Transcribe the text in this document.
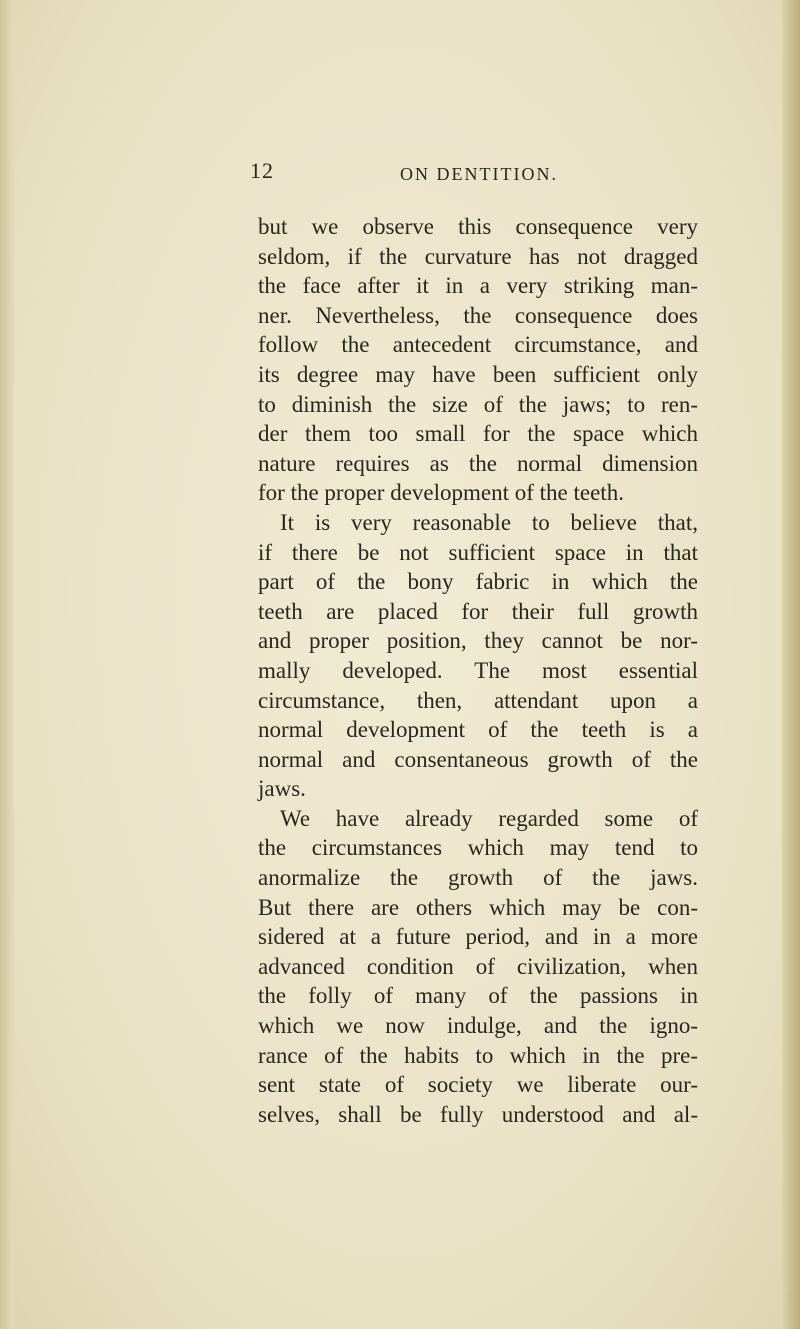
12	ON DENTITION.
but we observe this consequence very
seldom, if the curvature has not dragged
the face after it in a very striking man-
ner. Nevertheless, the consequence does
follow the antecedent circumstance, and
its degree may have been sufficient only
to diminish the size of the jaws; to ren-
der them too small for the space which
nature requires as the normal dimension
for the proper development of the teeth.
It is very reasonable to believe that,
if there be not sufficient space in that
part of the bony fabric in which the
teeth are placed for their full growth
and proper position, they cannot be nor-
mally developed. The most essential
circumstance, then, attendant upon a
normal development of the teeth is a
normal and consentaneous growth of the
jaws.
We have already regarded some of
the circumstances which may tend to
anormalize the growth of the jaws.
But there are others which may be con-
sidered at a future period, and in a more
advanced condition of civilization, when
the folly of many of the passions in
which we now indulge, and the igno-
rance of the habits to which in the pre-
sent state of society we liberate our-
selves, shall be fully understood and al-
